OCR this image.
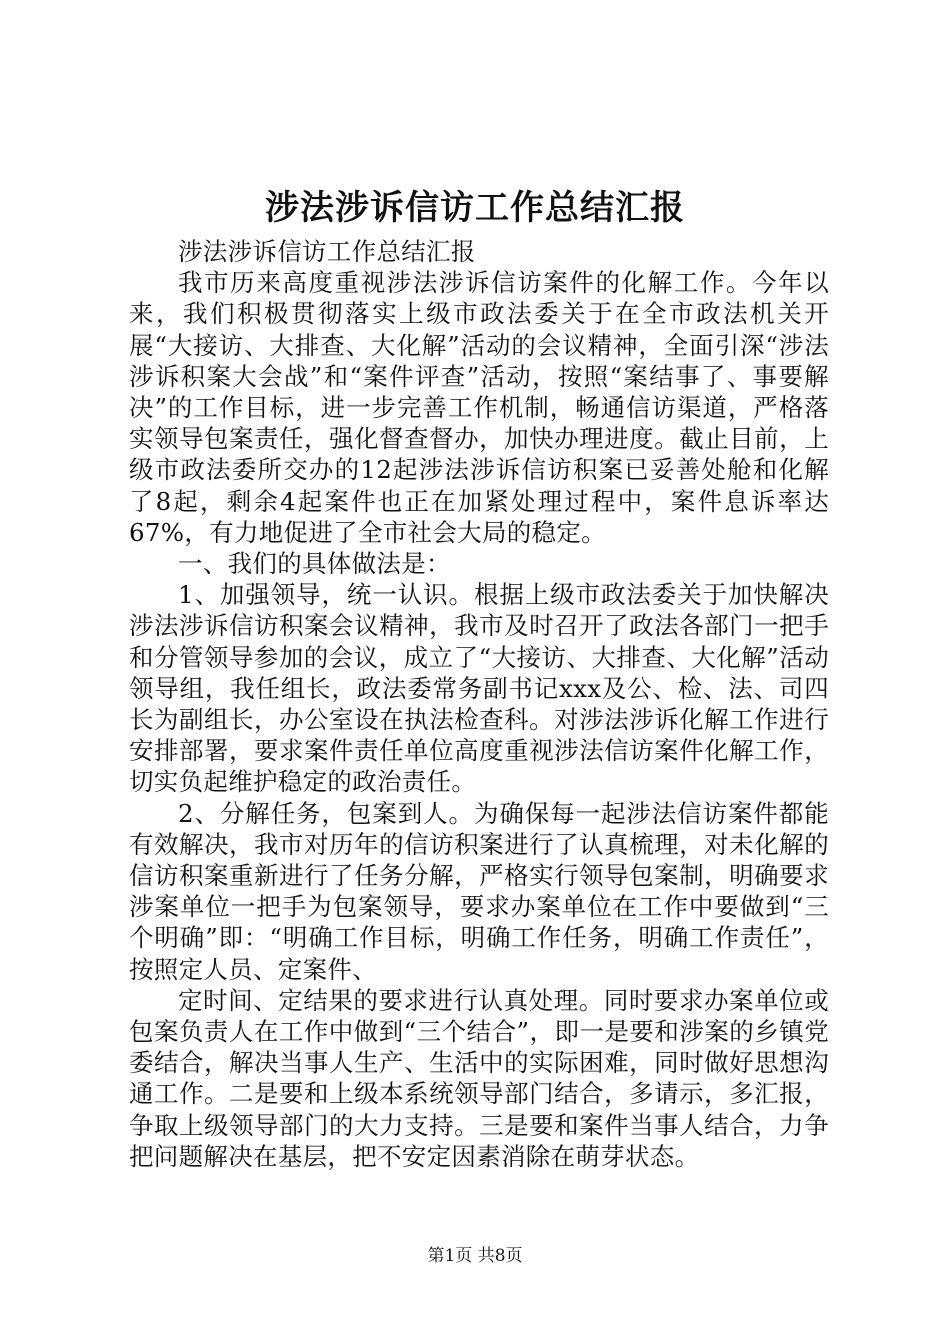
涉法涉诉信访工作总结汇报

涉法涉诉信访工作总结汇报

我市历来高度重视涉法涉诉信访案件的化解工作。今年以来，我们积极贯彻落实上级市政法委关于在全市政法机关开展“大接访、大排查、大化解”活动的会议精神，全面引深“涉法涉诉积案大会战”和“案件评查”活动，按照“案结事了、事要解决”的工作目标，进一步完善工作机制，畅通信访渠道，严格落实领导包案责任，强化督查督办，加快办理进度。截止目前，上级市政法委所交办的12起涉法涉诉信访积案已妥善处舱和化解了8起，剩余4起案件也正在加紧处理过程中，案件息诉率达67%，有力地促进了全市社会大局的稳定。

一、我们的具体做法是：

1、加强领导，统一认识。根据上级市政法委关于加快解决涉法涉诉信访积案会议精神，我市及时召开了政法各部门一把手和分管领导参加的会议，成立了“大接访、大排查、大化解”活动领导组，我任组长，政法委常务副书记xxx及公、检、法、司四长为副组长，办公室设在执法检查科。对涉法涉诉化解工作进行安排部署，要求案件责任单位高度重视涉法信访案件化解工作，切实负起维护稳定的政治责任。

2、分解任务，包案到人。为确保每一起涉法信访案件都能有效解决，我市对历年的信访积案进行了认真梳理，对未化解的信访积案重新进行了任务分解，严格实行领导包案制，明确要求涉案单位一把手为包案领导，要求办案单位在工作中要做到“三个明确”即：“明确工作目标，明确工作任务，明确工作责任”，按照定人员、定案件、

定时间、定结果的要求进行认真处理。同时要求办案单位或包案负责人在工作中做到“三个结合”，即一是要和涉案的乡镇党委结合，解决当事人生产、生活中的实际困难，同时做好思想沟通工作。二是要和上级本系统领导部门结合，多请示，多汇报，争取上级领导部门的大力支持。三是要和案件当事人结合，力争把问题解决在基层，把不安定因素消除在萌芽状态。

第1页 共8页
